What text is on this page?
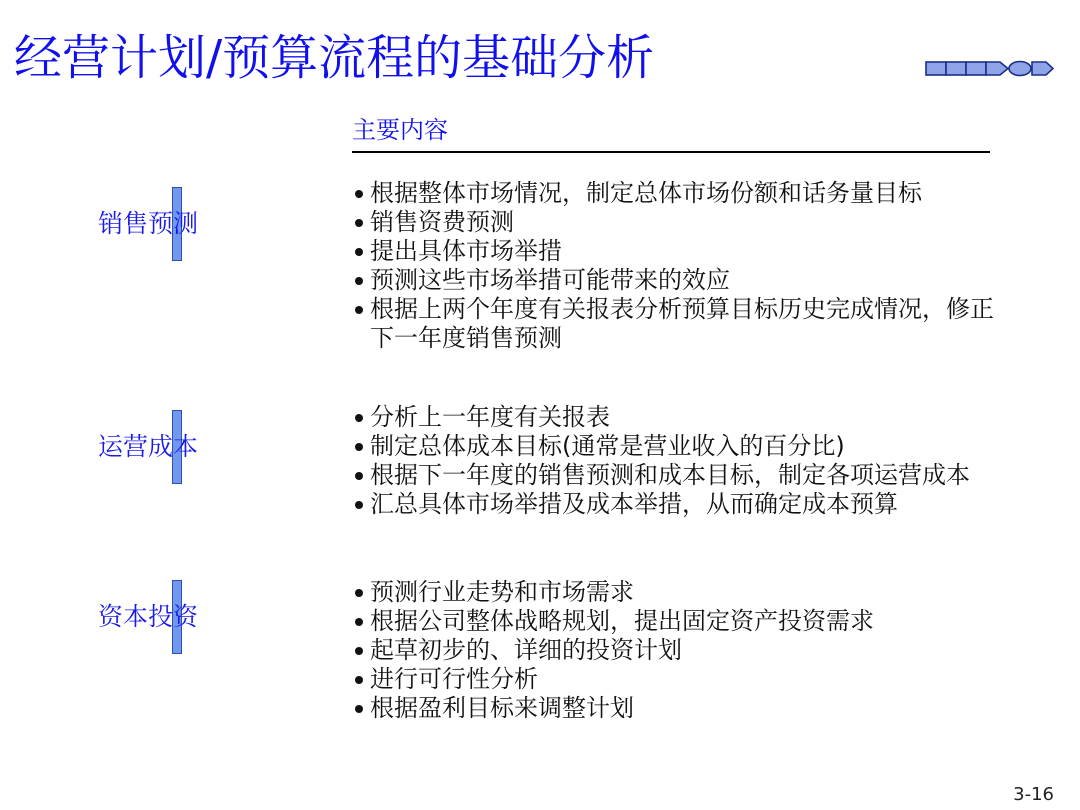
经营计划/预算流程的基础分析
主要内容
销售预测
根据整体市场情况，制定总体市场份额和话务量目标
销售资费预测
提出具体市场举措
预测这些市场举措可能带来的效应
根据上两个年度有关报表分析预算目标历史完成情况，修正下一年度销售预测
运营成本
分析上一年度有关报表
制定总体成本目标(通常是营业收入的百分比)
根据下一年度的销售预测和成本目标，制定各项运营成本
汇总具体市场举措及成本举措，从而确定成本预算
资本投资
预测行业走势和市场需求
根据公司整体战略规划，提出固定资产投资需求
起草初步的、详细的投资计划
进行可行性分析
根据盈利目标来调整计划
3-16
